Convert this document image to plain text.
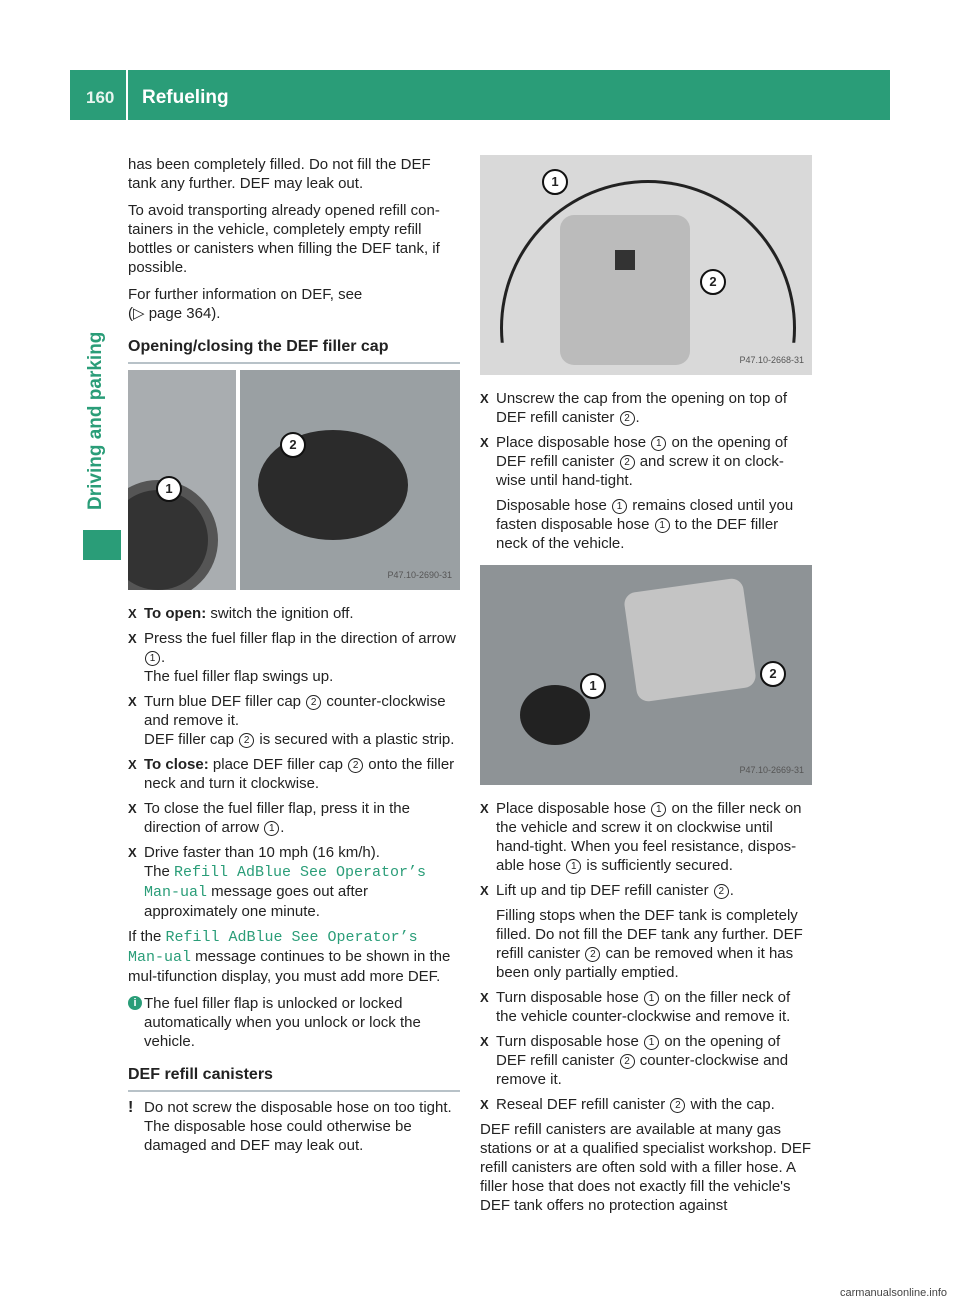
160 Refueling
Driving and parking

has been completely filled. Do not fill the DEF tank any further. DEF may leak out.

To avoid transporting already opened refill con-tainers in the vehicle, completely empty refill bottles or canisters when filling the DEF tank, if possible.

For further information on DEF, see
(▷ page 364).

Opening/closing the DEF filler cap
1
2
P47.10-2690-31
X To open: switch the ignition off.
X Press the fuel filler flap in the direction of arrow 1 .
The fuel filler flap swings up.
X Turn blue DEF filler cap 2 counter-clockwise and remove it.
DEF filler cap 2 is secured with a plastic strip.
X To close: place DEF filler cap 2 onto the filler neck and turn it clockwise.
X To close the fuel filler flap, press it in the direction of arrow 1 .
X Drive faster than 10 mph (16 km/h).
The Refill AdBlue See Operator’s Man-ual message goes out after approximately one minute.

If the Refill AdBlue See Operator’s Man-ual message continues to be shown in the mul-tifunction display, you must add more DEF.

i The fuel filler flap is unlocked or locked automatically when you unlock or lock the vehicle.
DEF refill canisters
! Do not screw the disposable hose on too tight. The disposable hose could otherwise be damaged and DEF may leak out.
1
2
P47.10-2668-31
X Unscrew the cap from the opening on top of DEF refill canister 2 .
X Place disposable hose 1 on the opening of DEF refill canister 2 and screw it on clock-wise until hand-tight.
Disposable hose 1 remains closed until you fasten disposable hose 1 to the DEF filler neck of the vehicle.
1
2
P47.10-2669-31
X Place disposable hose 1 on the filler neck on the vehicle and screw it on clockwise until hand-tight. When you feel resistance, dispos-able hose 1 is sufficiently secured.
X Lift up and tip DEF refill canister 2 .
Filling stops when the DEF tank is completely filled. Do not fill the DEF tank any further. DEF refill canister 2 can be removed when it has been only partially emptied.
X Turn disposable hose 1 on the filler neck of the vehicle counter-clockwise and remove it.
X Turn disposable hose 1 on the opening of DEF refill canister 2 counter-clockwise and remove it.
X Reseal DEF refill canister 2 with the cap.

DEF refill canisters are available at many gas stations or at a qualified specialist workshop. DEF refill canisters are often sold with a filler hose. A filler hose that does not exactly fill the vehicle's DEF tank offers no protection against

carmanualsonline.info
